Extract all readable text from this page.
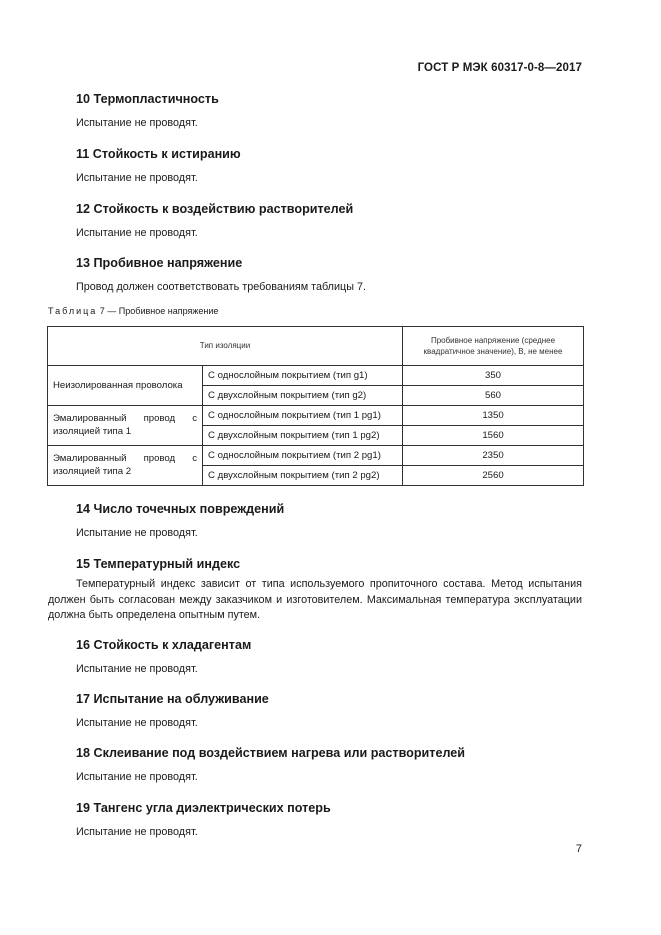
ГОСТ Р МЭК 60317-0-8—2017

10 Термопластичность

Испытание не проводят.

11 Стойкость к истиранию

Испытание не проводят.

12 Стойкость к воздействию растворителей

Испытание не проводят.

13 Пробивное напряжение

Провод должен соответствовать требованиям таблицы 7.

Таблица 7 — Пробивное напряжение
Тип изоляции		Пробивное напряжение (среднее квадратичное значение), В, не менее
Неизолированная проволока	С однослойным покрытием (тип g1)	350
	С двухслойным покрытием (тип g2)	560
Эмалированный провод с изоляцией типа 1	С однослойным покрытием (тип 1 pg1)	1350
	С двухслойным покрытием (тип 1 pg2)	1560
Эмалированный провод с изоляцией типа 2	С однослойным покрытием (тип 2 pg1)	2350
	С двухслойным покрытием (тип 2 pg2)	2560

14 Число точечных повреждений

Испытание не проводят.

15 Температурный индекс

Температурный индекс зависит от типа используемого пропиточного состава. Метод испытания должен быть согласован между заказчиком и изготовителем. Максимальная температура эксплуатации должна быть определена опытным путем.

16 Стойкость к хладагентам

Испытание не проводят.

17 Испытание на облуживание

Испытание не проводят.

18 Склеивание под воздействием нагрева или растворителей

Испытание не проводят.

19 Тангенс угла диэлектрических потерь

Испытание не проводят.

7
